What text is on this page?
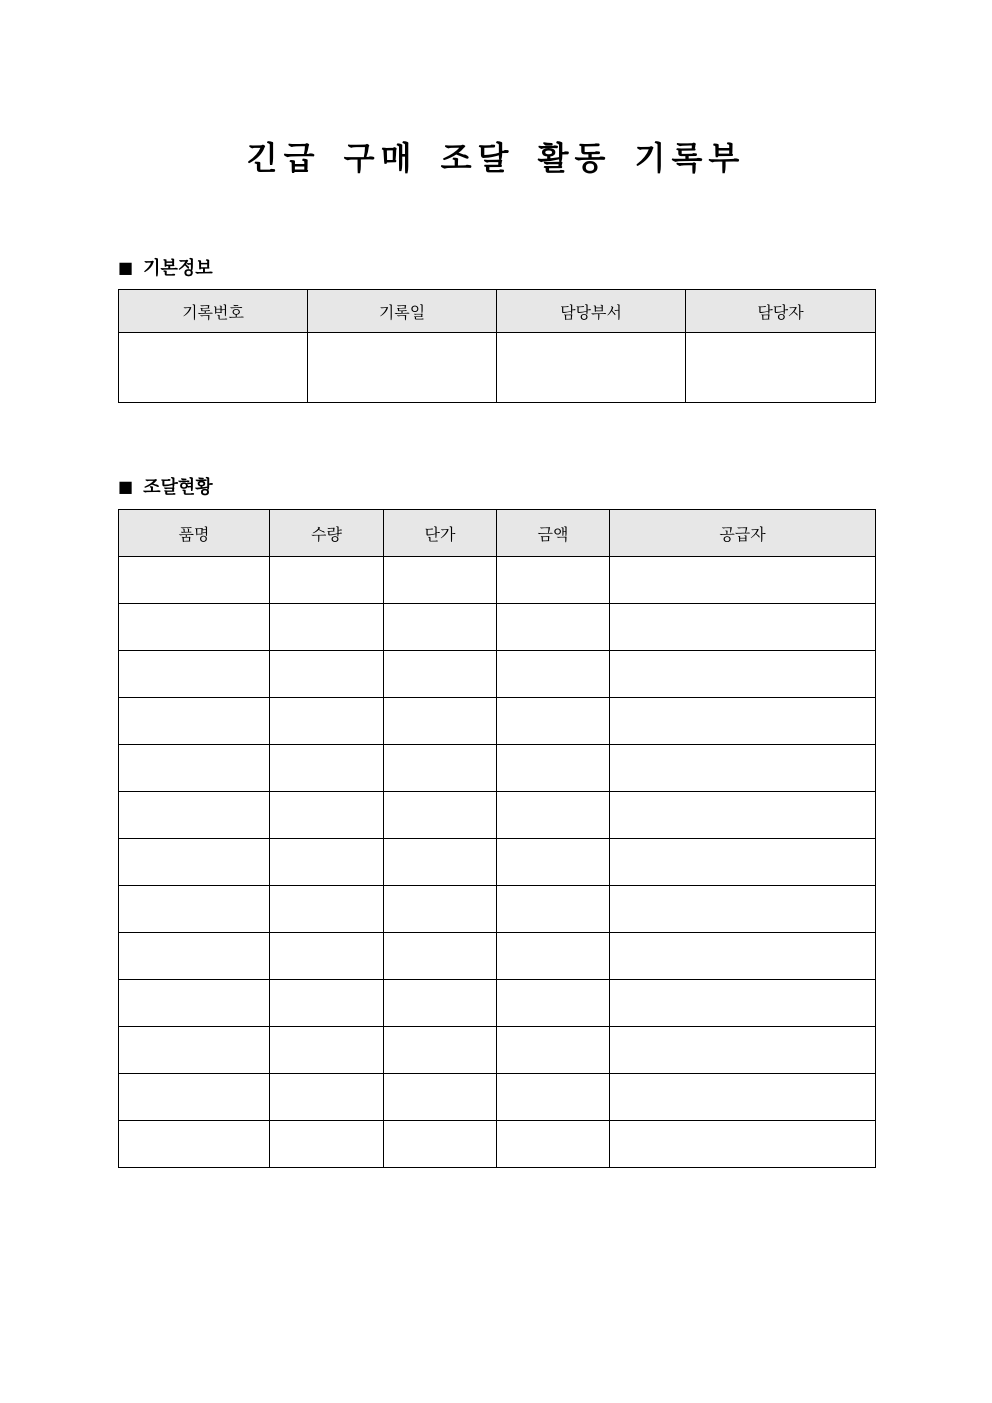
긴급 구매 조달 활동 기록부
■ 기본정보
기록번호	기록일	담당부서	담당자

■ 조달현황
품명	수량	단가	금액	공급자
